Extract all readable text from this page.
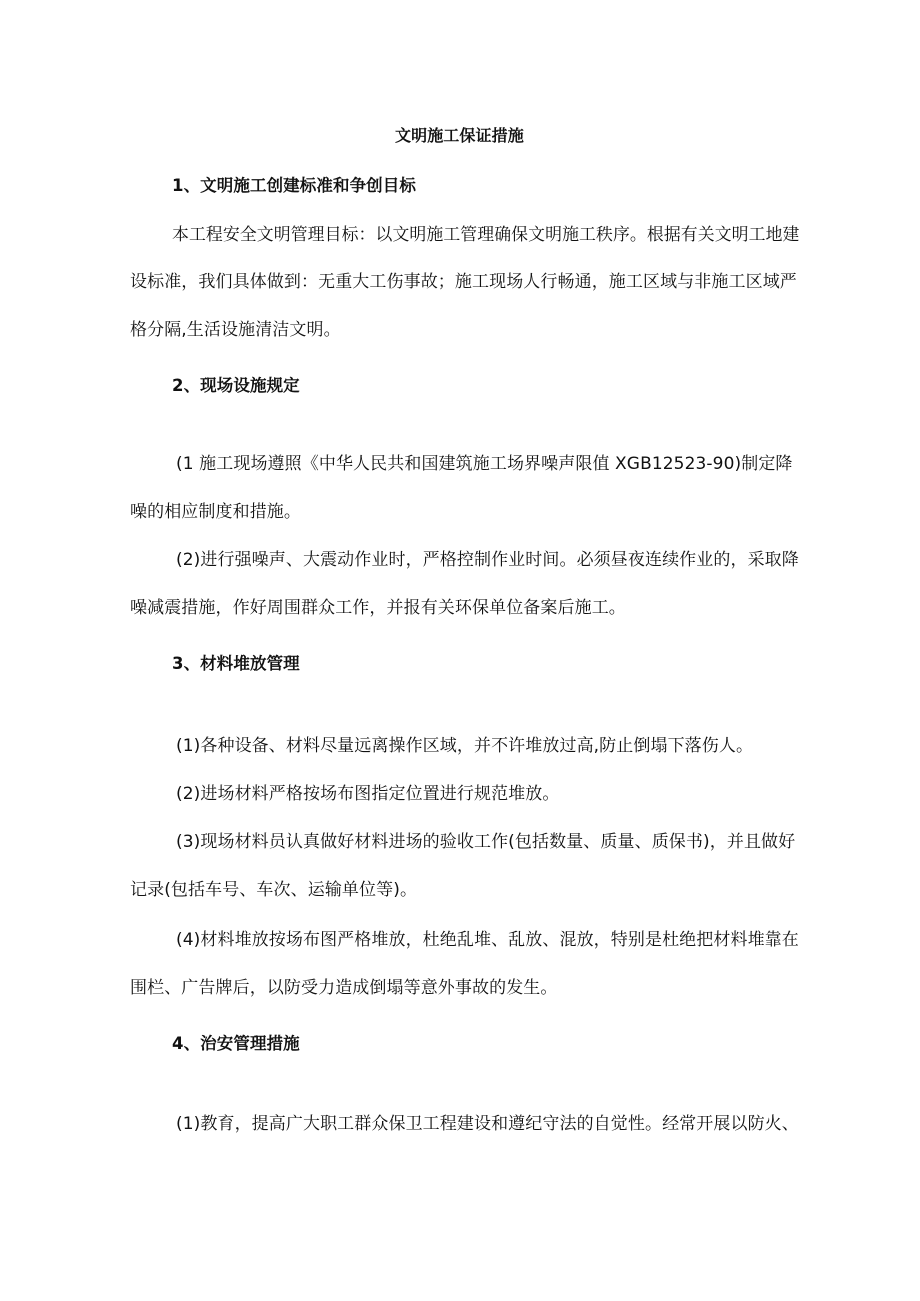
文明施工保证措施
1、文明施工创建标准和争创目标

本工程安全文明管理目标：以文明施工管理确保文明施工秩序。根据有关文明工地建

设标准，我们具体做到：无重大工伤事故；施工现场人行畅通，施工区域与非施工区域严

格分隔,生活设施清洁文明。

2、现场设施规定

(1 施工现场遵照《中华人民共和国建筑施工场界噪声限值 XGB12523-90)制定降

噪的相应制度和措施。

(2)进行强噪声、大震动作业时，严格控制作业时间。必须昼夜连续作业的，采取降

噪减震措施，作好周围群众工作，并报有关环保单位备案后施工。

3、材料堆放管理

(1)各种设备、材料尽量远离操作区域，并不许堆放过高,防止倒塌下落伤人。

(2)进场材料严格按场布图指定位置进行规范堆放。

(3)现场材料员认真做好材料进场的验收工作(包括数量、质量、质保书)，并且做好

记录(包括车号、车次、运输单位等)。

(4)材料堆放按场布图严格堆放，杜绝乱堆、乱放、混放，特别是杜绝把材料堆靠在

围栏、广告牌后，以防受力造成倒塌等意外事故的发生。

4、治安管理措施

(1)教育，提高广大职工群众保卫工程建设和遵纪守法的自觉性。经常开展以防火、
